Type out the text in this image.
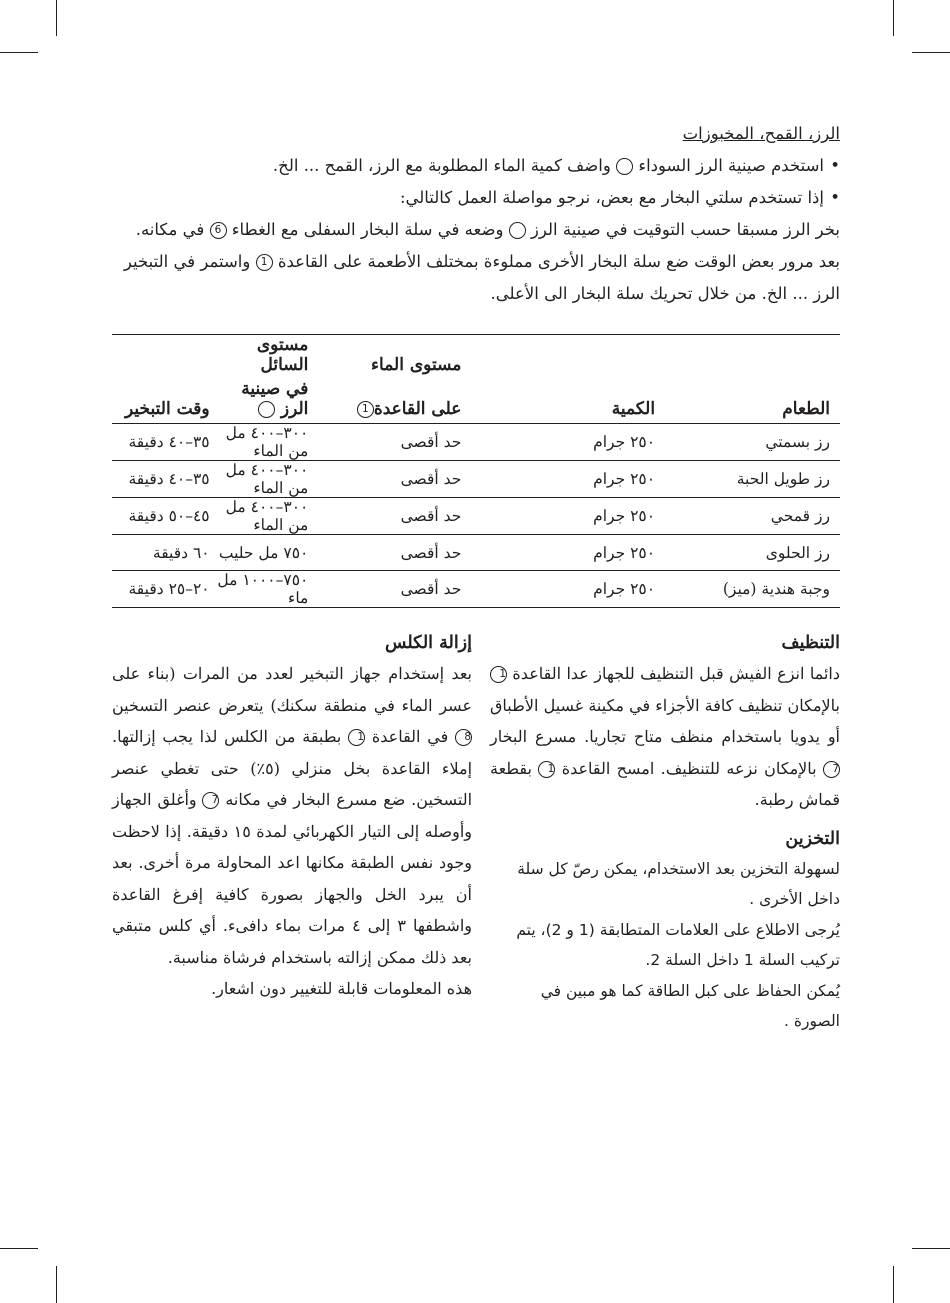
الرز، القمح، المخبوزات
•استخدم صينية الرز السوداء  واضف كمية الماء المطلوبة مع الرز، القمح ... الخ.
•إذا تستخدم سلتي البخار مع بعض، نرجو مواصلة العمل كالتالي:
بخر الرز مسبقا حسب التوقيت في صينية الرز  وضعه في سلة البخار السفلى مع الغطاء 6 في مكانه. بعد مرور بعض الوقت ضع سلة البخار الأخرى مملوءة بمختلف الأطعمة على القاعدة 1 واستمر في التبخير الرز ... الخ. من خلال تحريك سلة البخار الى الأعلى.
		مستوى الماء	مستوى السائل	
الطعام	الكمية	على القاعدة1	في صينية الرز	وقت التبخير
رز بسمتي	٢٥٠ جرام	حد أقصى	٣٠٠–٤٠٠ مل من الماء	٣٥–٤٠ دقيقة
رز طويل الحبة	٢٥٠ جرام	حد أقصى	٣٠٠–٤٠٠ مل من الماء	٣٥–٤٠ دقيقة
رز قمحي	٢٥٠ جرام	حد أقصى	٣٠٠–٤٠٠ مل من الماء	٤٥–٥٠ دقيقة
رز الحلوى	٢٥٠ جرام	حد أقصى	٧٥٠ مل حليب	٦٠ دقيقة
وجبة هندية (ميز)	٢٥٠ جرام	حد أقصى	٧٥٠–١٠٠٠ مل ماء	٢٠–٢٥ دقيقة
التنظيف
دائما انزع الفيش قبل التنظيف للجهاز عدا القاعدة 1 بالإمكان تنظيف كافة الأجزاء في مكينة غسيل الأطباق أو يدويا باستخدام منظف متاح تجاريا. مسرع البخار 7 بالإمكان نزعه للتنظيف. امسح القاعدة 1 بقطعة قماش رطبة.
التخزين
لسهولة التخزين بعد الاستخدام، يمكن رصّ كل سلة داخل الأخرى .
يُرجى الاطلاع على العلامات المتطابقة (1 و 2)، يتم تركيب السلة 1 داخل السلة 2.
يُمكن الحفاظ على كبل الطاقة كما هو مبين في الصورة .
إزالة الكلس
بعد إستخدام جهاز التبخير لعدد من المرات (بناء على عسر الماء في منطقة سكنك) يتعرض عنصر التسخين 8 في القاعدة 1 بطبقة من الكلس لذا يجب إزالتها. إملاء القاعدة بخل منزلي (٥٪) حتى تغطي عنصر التسخين. ضع مسرع البخار في مكانه 7 وأغلق الجهاز وأوصله إلى التيار الكهربائي لمدة ١٥ دقيقة. إذا لاحظت وجود نفس الطبقة مكانها اعد المحاولة مرة أخرى. بعد أن يبرد الخل والجهاز بصورة كافية إفرغ القاعدة واشطفها ٣ إلى ٤ مرات بماء دافىء. أي كلس متبقي بعد ذلك ممكن إزالته باستخدام فرشاة مناسبة.
هذه المعلومات قابلة للتغيير دون اشعار.
